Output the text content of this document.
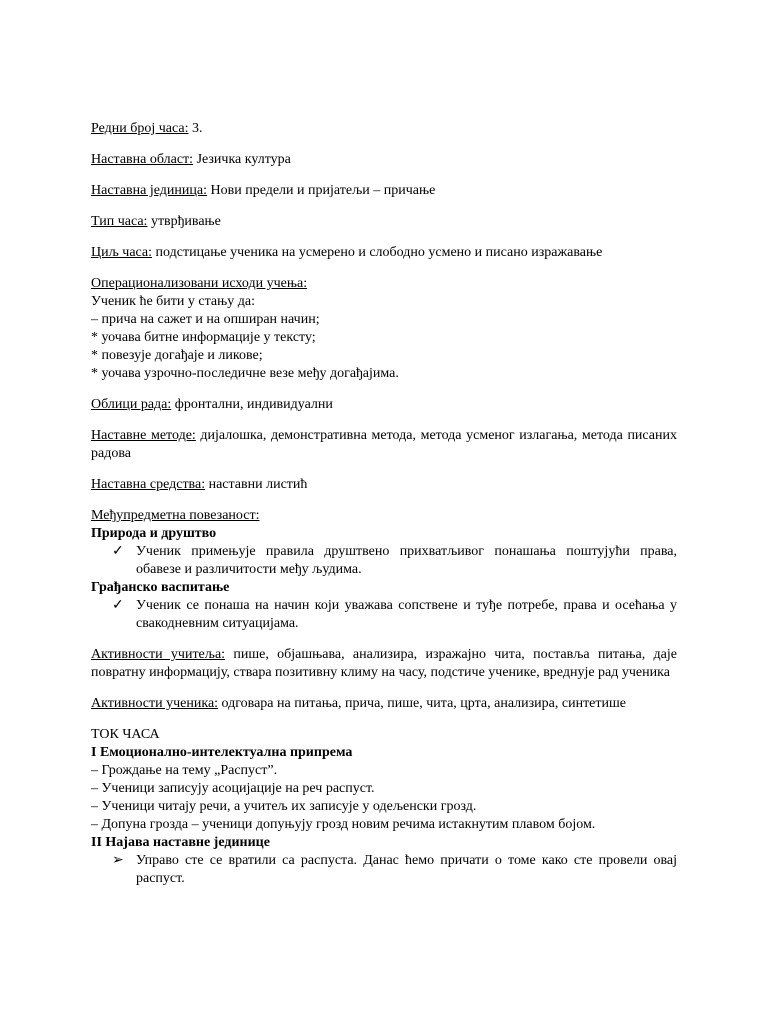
Редни број часа: 3.

Наставна област: Језичка култура

Наставна јединица: Нови предели и пријатељи – причање

Тип часа: утврђивање

Циљ часа: подстицање ученика на усмерено и слободно усмено и писано изражавање

Операционализовани исходи учења:
Ученик ће бити у стању да:
– прича на сажет и на опширан начин;
* уочава битне информације у тексту;
* повезује догађаје и ликове;
* уочава узрочно-последичне везе међу догађајима.

Облици рада: фронтални, индивидуални

Наставне методе: дијалошка, демонстративна метода, метода усменог излагања, метода писаних радова

Наставна средства: наставни листић

Међупредметна повезаност:
Природа и друштво
✓ Ученик примењује правила друштвено прихватљивог понашања поштујући права, обавезе и различитости међу људима.
Грађанско васпитање
✓ Ученик се понаша на начин који уважава сопствене и туђе потребе, права и осећања у свакодневним ситуацијама.

Активности учитеља: пише, објашњава, анализира, изражајно чита, поставља питања, даје повратну информацију, ствара позитивну климу на часу, подстиче ученике, вреднује рад ученика

Активности ученика: одговара на питања, прича, пише, чита, црта, анализира, синтетише

ТОК ЧАСА
I Емоционално-интелектуална припрема
– Грождање на тему „Распуст”.
– Ученици записују асоцијације на реч распуст.
– Ученици читају речи, а учитељ их записује у одељенски грозд.
– Допуна грозда – ученици допуњују грозд новим речима истакнутим плавом бојом.
II Најава наставне јединице
➢ Управо сте се вратили са распуста. Данас ћемо причати о томе како сте провели овај распуст.
